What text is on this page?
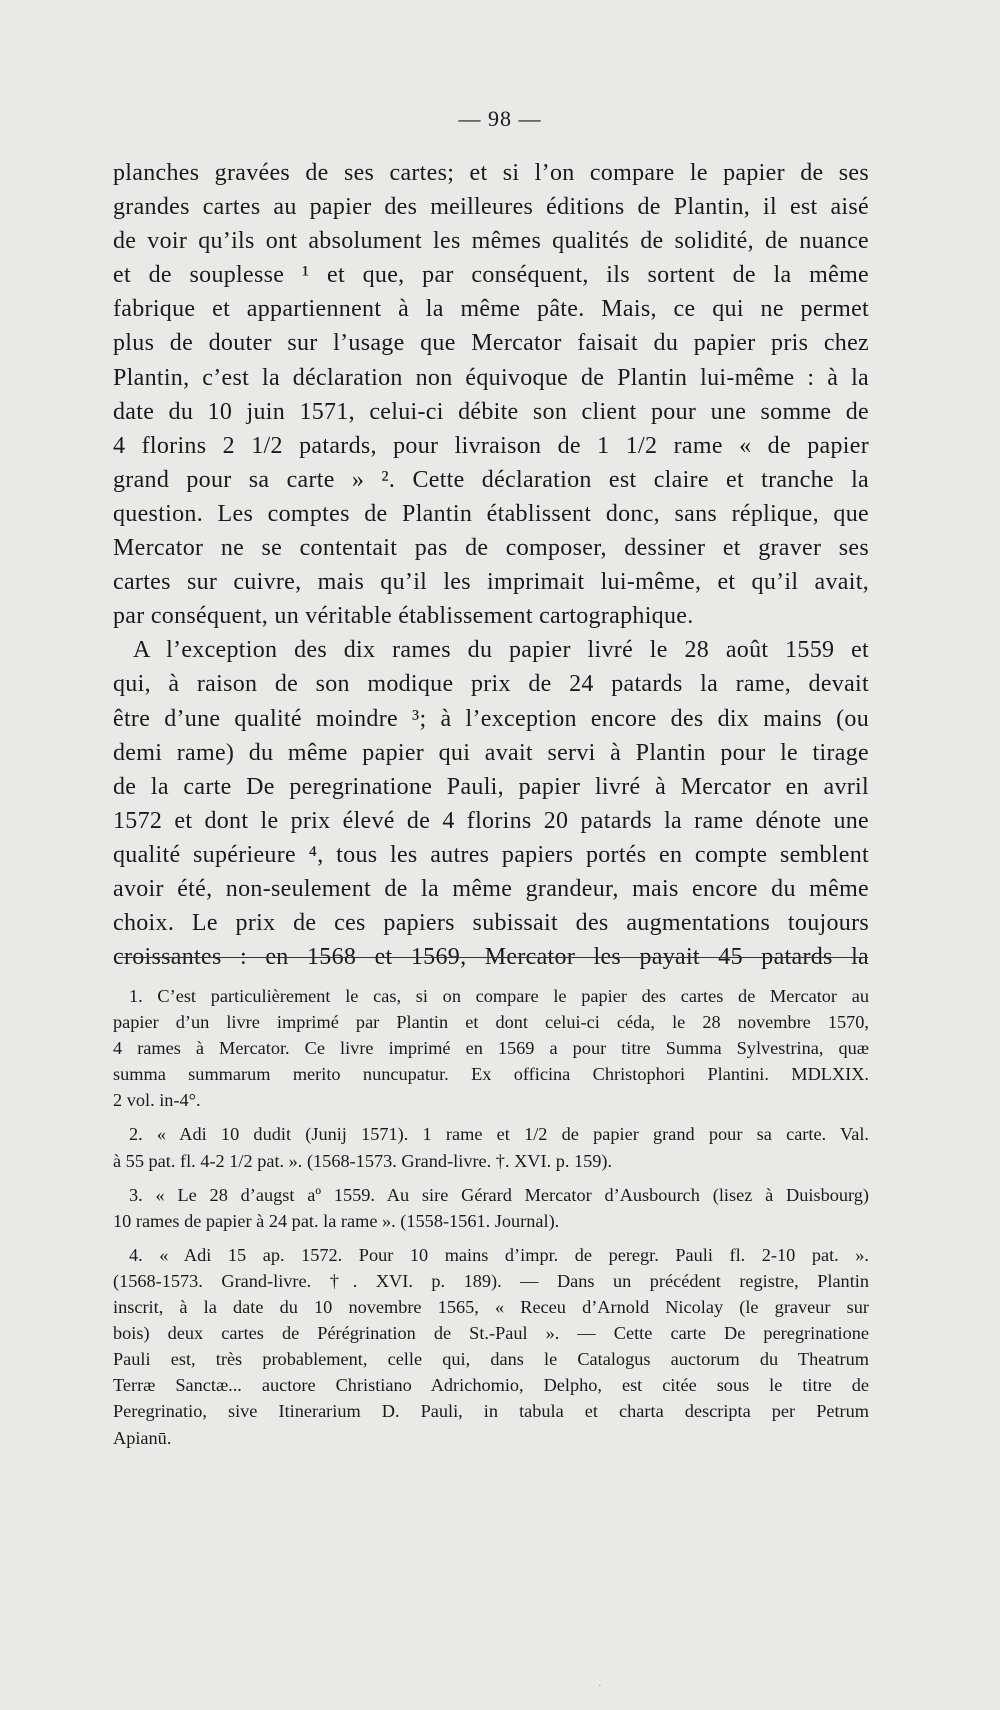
— 98 —
planches gravées de ses cartes; et si l’on compare le papier de ses
grandes cartes au papier des meilleures éditions de Plantin, il est aisé
de voir qu’ils ont absolument les mêmes qualités de solidité, de nuance
et de souplesse ¹ et que, par conséquent, ils sortent de la même
fabrique et appartiennent à la même pâte. Mais, ce qui ne permet
plus de douter sur l’usage que Mercator faisait du papier pris chez
Plantin, c’est la déclaration non équivoque de Plantin lui-même : à la
date du 10 juin 1571, celui-ci débite son client pour une somme de
4 florins 2 1/2 patards, pour livraison de 1 1/2 rame « de papier
grand pour sa carte » ². Cette déclaration est claire et tranche la
question. Les comptes de Plantin établissent donc, sans réplique, que
Mercator ne se contentait pas de composer, dessiner et graver ses
cartes sur cuivre, mais qu’il les imprimait lui-même, et qu’il avait,
par conséquent, un véritable établissement cartographique.
A l’exception des dix rames du papier livré le 28 août 1559 et
qui, à raison de son modique prix de 24 patards la rame, devait
être d’une qualité moindre ³; à l’exception encore des dix mains (ou
demi rame) du même papier qui avait servi à Plantin pour le tirage
de la carte De peregrinatione Pauli, papier livré à Mercator en avril
1572 et dont le prix élevé de 4 florins 20 patards la rame dénote une
qualité supérieure ⁴, tous les autres papiers portés en compte semblent
avoir été, non-seulement de la même grandeur, mais encore du même
choix. Le prix de ces papiers subissait des augmentations toujours
croissantes : en 1568 et 1569, Mercator les payait 45 patards la
1. C’est particulièrement le cas, si on compare le papier des cartes de Mercator au
papier d’un livre imprimé par Plantin et dont celui-ci céda, le 28 novembre 1570,
4 rames à Mercator. Ce livre imprimé en 1569 a pour titre Summa Sylvestrina, quæ
summa summarum merito nuncupatur. Ex officina Christophori Plantini. MDLXIX.
2 vol. in-4°.
2. « Adi 10 dudit (Junij 1571). 1 rame et 1/2 de papier grand pour sa carte. Val.
à 55 pat. fl. 4-2 1/2 pat. ». (1568-1573. Grand-livre. †. XVI. p. 159).
3. « Le 28 d’augst aº 1559. Au sire Gérard Mercator d’Ausbourch (lisez à Duisbourg)
10 rames de papier à 24 pat. la rame ». (1558-1561. Journal).
4. « Adi 15 ap. 1572. Pour 10 mains d’impr. de peregr. Pauli fl. 2-10 pat. ».
(1568-1573. Grand-livre. †. XVI. p. 189). — Dans un précédent registre, Plantin
inscrit, à la date du 10 novembre 1565, « Receu d’Arnold Nicolay (le graveur sur
bois) deux cartes de Pérégrination de St.-Paul ». — Cette carte De peregrinatione
Pauli est, très probablement, celle qui, dans le Catalogus auctorum du Theatrum
Terræ Sanctæ... auctore Christiano Adrichomio, Delpho, est citée sous le titre de
Peregrinatio, sive Itinerarium D. Pauli, in tabula et charta descripta per Petrum
Apianū.
·
